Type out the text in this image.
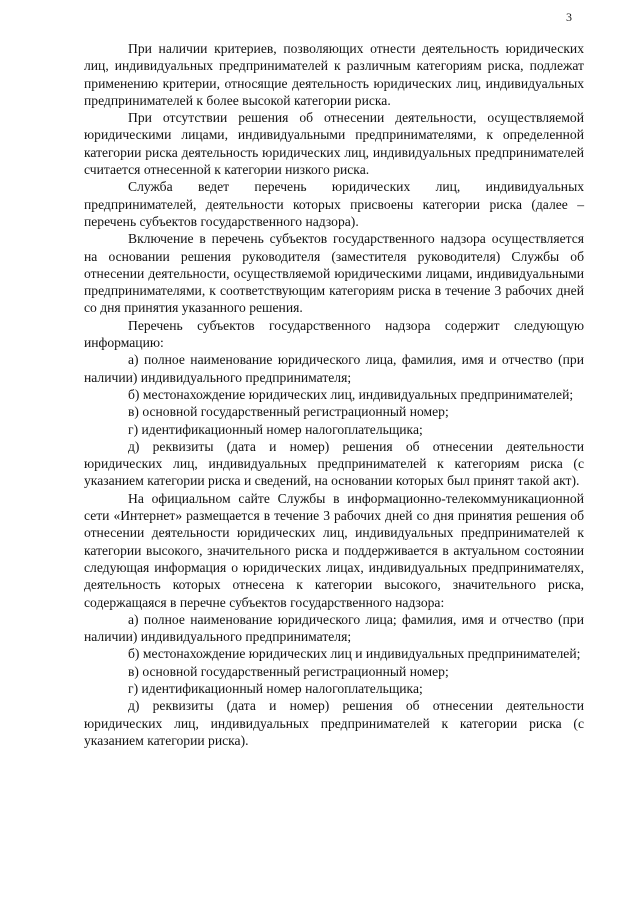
3

При наличии критериев, позволяющих отнести деятельность юридических лиц, индивидуальных предпринимателей к различным категориям риска, подлежат применению критерии, относящие деятельность юридических лиц, индивидуальных предпринимателей к более высокой категории риска.

При отсутствии решения об отнесении деятельности, осуществляемой юридическими лицами, индивидуальными предпринимателями, к определенной категории риска деятельность юридических лиц, индивидуальных предпринимателей считается отнесенной к категории низкого риска.

Служба ведет перечень юридических лиц, индивидуальных предпринимателей, деятельности которых присвоены категории риска (далее – перечень субъектов государственного надзора).

Включение в перечень субъектов государственного надзора осуществляется на основании решения руководителя (заместителя руководителя) Службы об отнесении деятельности, осуществляемой юридическими лицами, индивидуальными предпринимателями, к соответствующим категориям риска в течение 3 рабочих дней со дня принятия указанного решения.

Перечень субъектов государственного надзора содержит следующую информацию:

а) полное наименование юридического лица, фамилия, имя и отчество (при наличии) индивидуального предпринимателя;

б) местонахождение юридических лиц, индивидуальных предпринимателей;

в) основной государственный регистрационный номер;

г) идентификационный номер налогоплательщика;

д) реквизиты (дата и номер) решения об отнесении деятельности юридических лиц, индивидуальных предпринимателей к категориям риска (с указанием категории риска и сведений, на основании которых был принят такой акт).

На официальном сайте Службы в информационно-телекоммуникационной сети «Интернет» размещается в течение 3 рабочих дней со дня принятия решения об отнесении деятельности юридических лиц, индивидуальных предпринимателей к категории высокого, значительного риска и поддерживается в актуальном состоянии следующая информация о юридических лицах, индивидуальных предпринимателях, деятельность которых отнесена к категории высокого, значительного риска, содержащаяся в перечне субъектов государственного надзора:

а) полное наименование юридического лица; фамилия, имя и отчество (при наличии) индивидуального предпринимателя;

б) местонахождение юридических лиц и индивидуальных предпринимателей;

в) основной государственный регистрационный номер;

г) идентификационный номер налогоплательщика;

д) реквизиты (дата и номер) решения об отнесении деятельности юридических лиц, индивидуальных предпринимателей к категории риска (с указанием категории риска).
